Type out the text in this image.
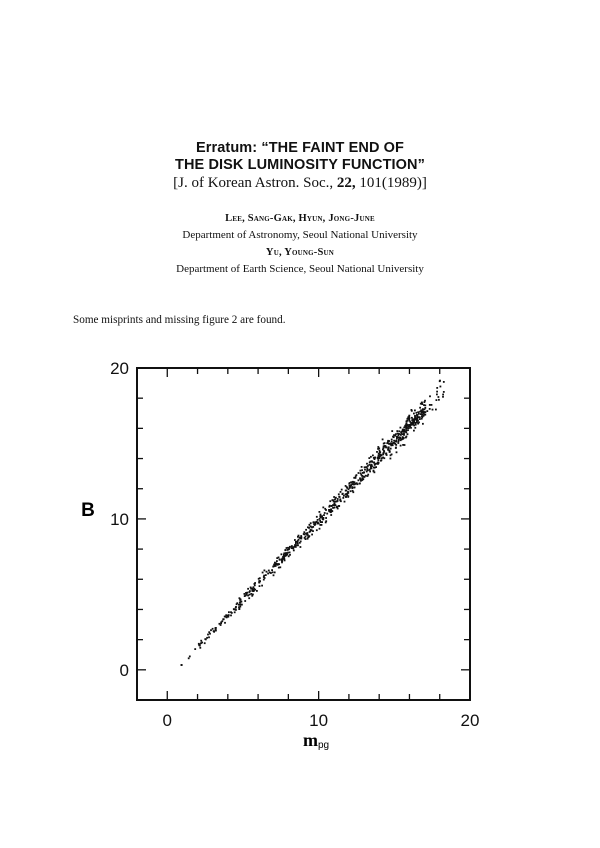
Erratum: “THE FAINT END OF
THE DISK LUMINOSITY FUNCTION”
[J. of Korean Astron. Soc., 22, 101(1989)]
Lee, Sang-Gak, Hyun, Jong-June
Department of Astronomy, Seoul National University
Yu, Young-Sun
Department of Earth Science, Seoul National University
Some misprints and missing figure 2 are found.
0	10	20
0
10
20
B
mpg
